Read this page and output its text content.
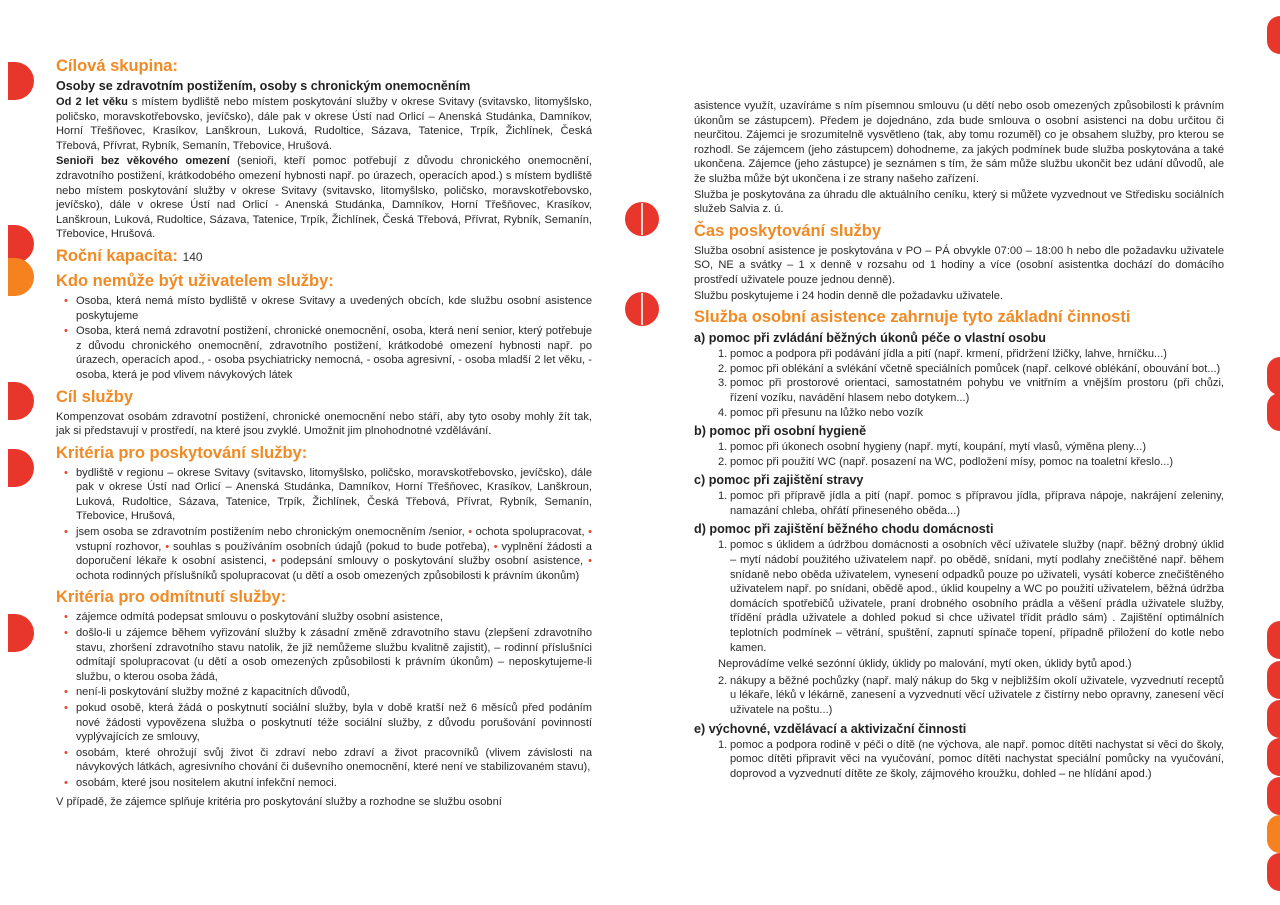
Cílová skupina:
Osoby se zdravotním postižením, osoby s chronickým onemocněním

Od 2 let věku s místem bydliště nebo místem poskytování služby v okrese Svitavy (svitavsko, litomyšlsko, poličsko, moravskotřebovsko, jevíčsko), dále pak v okrese Ústí nad Orlicí – Anenská Studánka, Damníkov, Horní Třešňovec, Krasíkov, Lanškroun, Luková, Rudoltice, Sázava, Tatenice, Trpík, Žichlínek, Česká Třebová, Přívrat, Rybník, Semanín, Třebovice, Hrušová.

Senioři bez věkového omezení (senioři, kteří pomoc potřebují z důvodu chronického onemocnění, zdravotního postižení, krátkodobého omezení hybnosti např. po úrazech, operacích apod.) s místem bydliště nebo místem poskytování služby v okrese Svitavy (svitavsko, litomyšlsko, poličsko, moravskotřebovsko, jevíčsko), dále v okrese Ústí nad Orlicí - Anenská Studánka, Damníkov, Horní Třešňovec, Krasíkov, Lanškroun, Luková, Rudoltice, Sázava, Tatenice, Trpík, Žichlínek, Česká Třebová, Přívrat, Rybník, Semanín, Třebovice, Hrušová.

Roční kapacita: 140
Kdo nemůže být uživatelem služby:
• Osoba, která nemá místo bydliště v okrese Svitavy a uvedených obcích, kde službu osobní asistence poskytujeme
• Osoba, která nemá zdravotní postižení, chronické onemocnění, osoba, která není senior, který potřebuje z důvodu chronického onemocnění, zdravotního postižení, krátkodobé omezení hybnosti např. po úrazech, operacích apod., - osoba psychiatricky nemocná, - osoba agresivní, - osoba mladší 2 let věku, - osoba, která je pod vlivem návykových látek
Cíl služby

Kompenzovat osobám zdravotní postižení, chronické onemocnění nebo stáří, aby tyto osoby mohly žít tak, jak si představují v prostředí, na které jsou zvyklé. Umožnit jim plnohodnotné vzdělávání.

Kritéria pro poskytování služby:
• bydliště v regionu – okrese Svitavy (svitavsko, litomyšlsko, poličsko, moravskotřebovsko, jevíčsko), dále pak v okrese Ústí nad Orlicí – Anenská Studánka, Damníkov, Horní Třešňovec, Krasíkov, Lanškroun, Luková, Rudoltice, Sázava, Tatenice, Trpík, Žichlínek, Česká Třebová, Přívrat, Rybník, Semanín, Třebovice, Hrušová,
• jsem osoba se zdravotním postižením nebo chronickým onemocněním /senior, • ochota spolupracovat, • vstupní rozhovor, • souhlas s používáním osobních údajů (pokud to bude potřeba), • vyplnění žádosti a doporučení lékaře k osobní asistenci, • podepsání smlouvy o poskytování služby osobní asistence, • ochota rodinných příslušníků spolupracovat (u dětí a osob omezených způsobilosti k právním úkonům)
Kritéria pro odmítnutí služby:
• zájemce odmítá podepsat smlouvu o poskytování služby osobní asistence,
• došlo-li u zájemce během vyřizování služby k zásadní změně zdravotního stavu (zlepšení zdravotního stavu, zhoršení zdravotního stavu natolik, že již nemůžeme službu kvalitně zajistit), – rodinní příslušníci odmítají spolupracovat (u dětí a osob omezených způsobilosti k právním úkonům) – neposkytujeme-li službu, o kterou osoba žádá,
• není-li poskytování služby možné z kapacitních důvodů,
• pokud osobě, která žádá o poskytnutí sociální služby, byla v době kratší než 6 měsíců před podáním nové žádosti vypovězena služba o poskytnutí téže sociální služby, z důvodu porušování povinností vyplývajících ze smlouvy,
• osobám, které ohrožují svůj život či zdraví nebo zdraví a život pracovníků (vlivem závislosti na návykových látkách, agresivního chování či duševního onemocnění, které není ve stabilizovaném stavu),
• osobám, které jsou nositelem akutní infekční nemoci.

V případě, že zájemce splňuje kritéria pro poskytování služby a rozhodne se službu osobní

asistence využít, uzavíráme s ním písemnou smlouvu (u dětí nebo osob omezených způsobilosti k právním úkonům se zástupcem). Předem je dojednáno, zda bude smlouva o osobní asistenci na dobu určitou či neurčitou. Zájemci je srozumitelně vysvětleno (tak, aby tomu rozuměl) co je obsahem služby, pro kterou se rozhodl. Se zájemcem (jeho zástupcem) dohodneme, za jakých podmínek bude služba poskytována a také ukončena. Zájemce (jeho zástupce) je seznámen s tím, že sám může službu ukončit bez udání důvodů, ale že služba může být ukončena i ze strany našeho zařízení.

Služba je poskytována za úhradu dle aktuálního ceníku, který si můžete vyzvednout ve Středisku sociálních služeb Salvia z. ú.

Čas poskytování služby

Služba osobní asistence je poskytována v PO – PÁ obvykle 07:00 – 18:00 h nebo dle požadavku uživatele SO, NE a svátky – 1 x denně v rozsahu od 1 hodiny a více (osobní asistentka dochází do domácího prostředí uživatele pouze jednou denně).

Službu poskytujeme i 24 hodin denně dle požadavku uživatele.

Služba osobní asistence zahrnuje tyto základní činnosti
a) pomoc při zvládání běžných úkonů péče o vlastní osobu
1. pomoc a podpora při podávání jídla a pití (např. krmení, přidržení lžičky, lahve, hrníčku...)
2. pomoc při oblékání a svlékání včetně speciálních pomůcek (např. celkové oblékání, obouvání bot...)
3. pomoc při prostorové orientaci, samostatném pohybu ve vnitřním a vnějším prostoru (při chůzi, řízení vozíku, navádění hlasem nebo dotykem...)
4. pomoc při přesunu na lůžko nebo vozík
b) pomoc při osobní hygieně
1. pomoc při úkonech osobní hygieny (např. mytí, koupání, mytí vlasů, výměna pleny...)
2. pomoc při použití WC (např. posazení na WC, podložení mísy, pomoc na toaletní křeslo...)
c) pomoc při zajištění stravy
1. pomoc při přípravě jídla a pití (např. pomoc s přípravou jídla, příprava nápoje, nakrájení zeleniny, namazání chleba, ohřátí přineseného oběda...)
d) pomoc při zajištění běžného chodu domácnosti
1. pomoc s úklidem a údržbou domácnosti a osobních věcí uživatele služby (např. běžný drobný úklid – mytí nádobí použitého uživatelem např. po obědě, snídani, mytí podlahy znečištěné např. během snídaně nebo oběda uživatelem, vynesení odpadků pouze po uživateli, vysátí koberce znečištěného uživatelem např. po snídani, obědě apod., úklid koupelny a WC po použití uživatelem, běžná údržba domácích spotřebičů uživatele, praní drobného osobního prádla a věšení prádla uživatele služby, třídění prádla uživatele a dohled pokud si chce uživatel třídit prádlo sám) . Zajištění optimálních teplotních podmínek – větrání, spuštění, zapnutí spínače topení, případně přiložení do kotle nebo kamen.

Neprovádíme velké sezónní úklidy, úklidy po malování, mytí oken, úklidy bytů apod.)

2. nákupy a běžné pochůzky (např. malý nákup do 5kg v nejbližším okolí uživatele, vyzvednutí receptů u lékaře, léků v lékárně, zanesení a vyzvednutí věcí uživatele z čistírny nebo opravny, zanesení věcí uživatele na poštu...)
e) výchovné, vzdělávací a aktivizační činnosti
1. pomoc a podpora rodině v péči o dítě (ne výchova, ale např. pomoc dítěti nachystat si věci do školy, pomoc dítěti připravit věci na vyučování, pomoc dítěti nachystat speciální pomůcky na vyučování, doprovod a vyzvednutí dítěte ze školy, zájmového kroužku, dohled – ne hlídání apod.)
